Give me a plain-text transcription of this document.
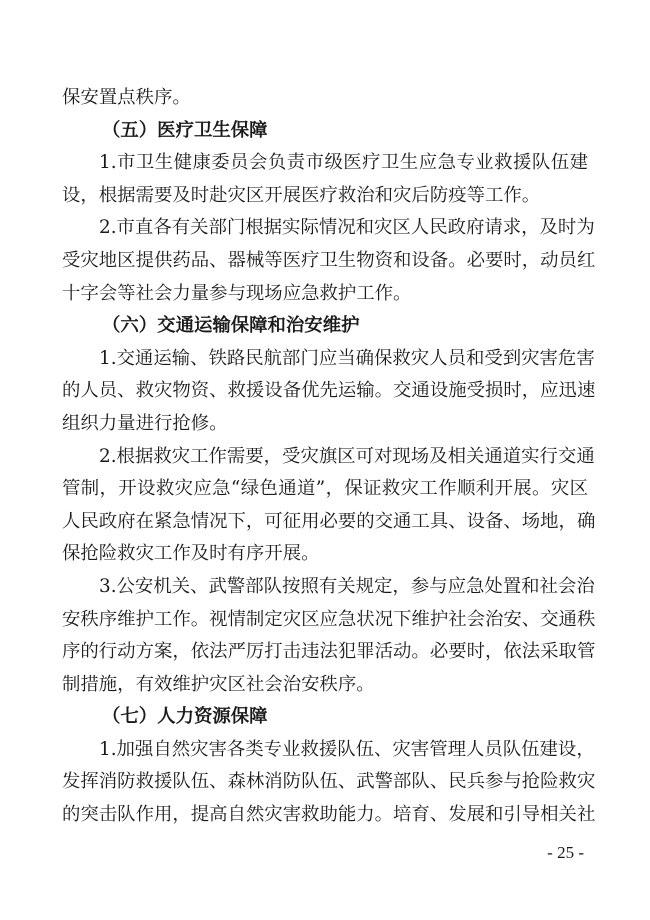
保安置点秩序。
（五）医疗卫生保障
1.市卫生健康委员会负责市级医疗卫生应急专业救援队伍建
设，根据需要及时赴灾区开展医疗救治和灾后防疫等工作。
2.市直各有关部门根据实际情况和灾区人民政府请求，及时为
受灾地区提供药品、器械等医疗卫生物资和设备。必要时，动员红
十字会等社会力量参与现场应急救护工作。
（六）交通运输保障和治安维护
1.交通运输、铁路民航部门应当确保救灾人员和受到灾害危害
的人员、救灾物资、救援设备优先运输。交通设施受损时，应迅速
组织力量进行抢修。
2.根据救灾工作需要，受灾旗区可对现场及相关通道实行交通
管制，开设救灾应急“绿色通道”，保证救灾工作顺利开展。灾区
人民政府在紧急情况下，可征用必要的交通工具、设备、场地，确
保抢险救灾工作及时有序开展。
3.公安机关、武警部队按照有关规定，参与应急处置和社会治
安秩序维护工作。视情制定灾区应急状况下维护社会治安、交通秩
序的行动方案，依法严厉打击违法犯罪活动。必要时，依法采取管
制措施，有效维护灾区社会治安秩序。
（七）人力资源保障
1.加强自然灾害各类专业救援队伍、灾害管理人员队伍建设，
发挥消防救援队伍、森林消防队伍、武警部队、民兵参与抢险救灾
的突击队作用，提高自然灾害救助能力。培育、发展和引导相关社
- 25 -
